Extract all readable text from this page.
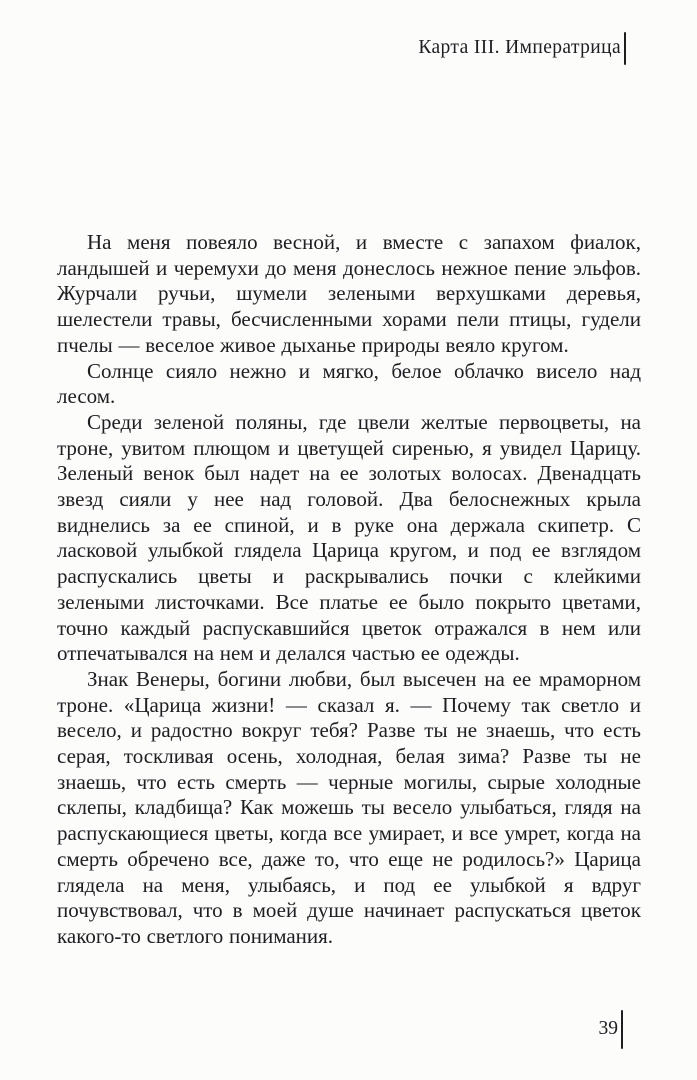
Карта III. Императрица

На меня повеяло весной, и вместе с запахом фиалок, ландышей и черемухи до меня донеслось нежное пение эльфов. Журчали ручьи, шумели зелеными верхушками деревья, шелестели травы, бесчисленными хорами пели птицы, гудели пчелы — веселое живое дыханье природы веяло кругом.

Солнце сияло нежно и мягко, белое облачко висело над лесом.

Среди зеленой поляны, где цвели желтые первоцветы, на троне, увитом плющом и цветущей сиренью, я увидел Царицу. Зеленый венок был надет на ее золотых волосах. Двенадцать звезд сияли у нее над головой. Два белоснежных крыла виднелись за ее спиной, и в руке она держала скипетр. С ласковой улыбкой глядела Царица кругом, и под ее взглядом распускались цветы и раскрывались почки с клейкими зелеными листочками. Все платье ее было покрыто цветами, точно каждый распускавшийся цветок отражался в нем или отпечатывался на нем и делался частью ее одежды.

Знак Венеры, богини любви, был высечен на ее мраморном троне. «Царица жизни! — сказал я. — Почему так светло и весело, и радостно вокруг тебя? Разве ты не знаешь, что есть серая, тоскливая осень, холодная, белая зима? Разве ты не знаешь, что есть смерть — черные могилы, сырые холодные склепы, кладбища? Как можешь ты весело улыбаться, глядя на распускающиеся цветы, когда все умирает, и все умрет, когда на смерть обречено все, даже то, что еще не родилось?» Царица глядела на меня, улыбаясь, и под ее улыбкой я вдруг почувствовал, что в моей душе начинает распускаться цветок какого-то светлого понимания.

39
